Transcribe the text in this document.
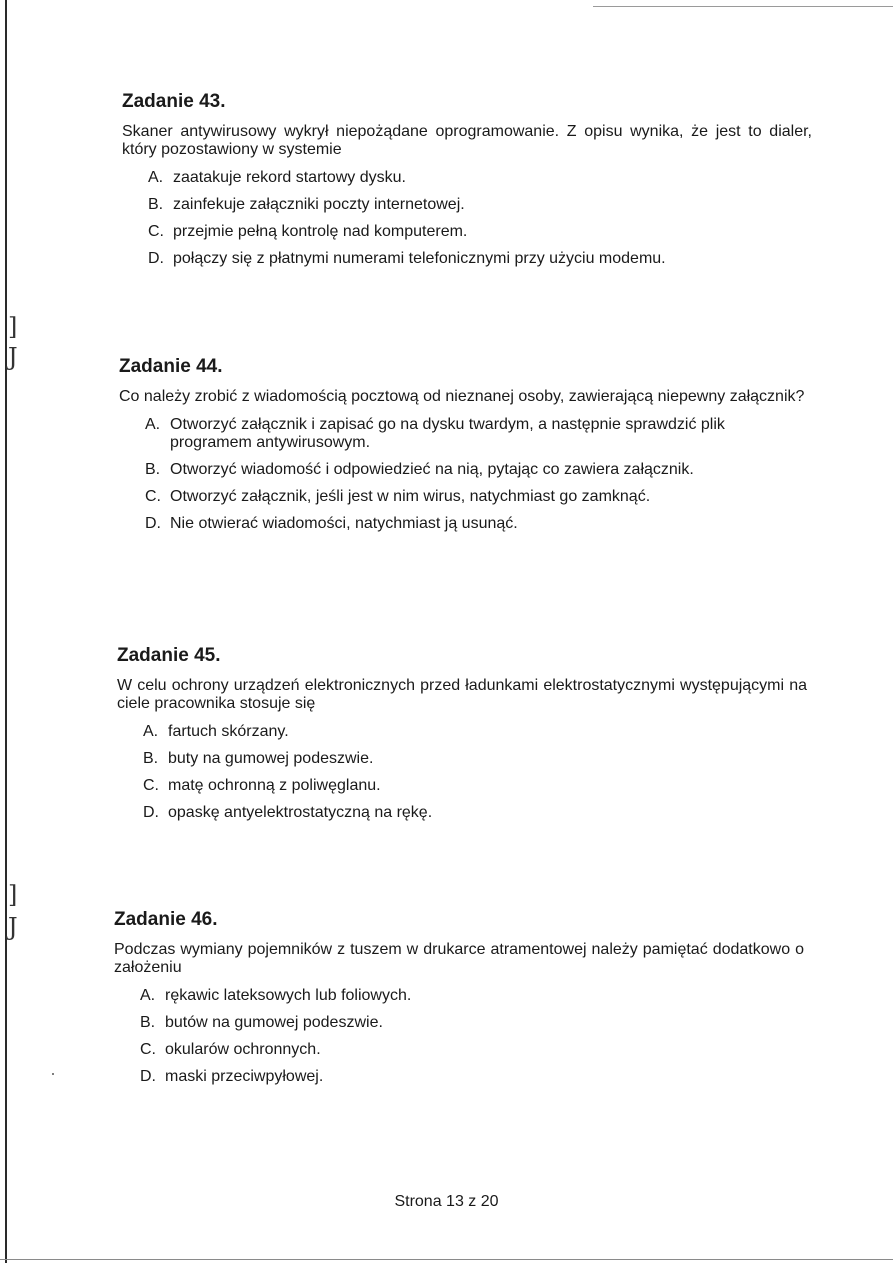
]
J
]
J
Zadanie 43.

Skaner antywirusowy wykrył niepożądane oprogramowanie. Z opisu wynika, że jest to dialer, który pozostawiony w systemie

A. zaatakuje rekord startowy dysku.
B. zainfekuje załączniki poczty internetowej.
C. przejmie pełną kontrolę nad komputerem.
D. połączy się z płatnymi numerami telefonicznymi przy użyciu modemu.
Zadanie 44.

Co należy zrobić z wiadomością pocztową od nieznanej osoby, zawierającą niepewny załącznik?

A. Otworzyć załącznik i zapisać go na dysku twardym, a następnie sprawdzić plik programem antywirusowym.
B. Otworzyć wiadomość i odpowiedzieć na nią, pytając co zawiera załącznik.
C. Otworzyć załącznik, jeśli jest w nim wirus, natychmiast go zamknąć.
D. Nie otwierać wiadomości, natychmiast ją usunąć.
Zadanie 45.

W celu ochrony urządzeń elektronicznych przed ładunkami elektrostatycznymi występującymi na ciele pracownika stosuje się

A. fartuch skórzany.
B. buty na gumowej podeszwie.
C. matę ochronną z poliwęglanu.
D. opaskę antyelektrostatyczną na rękę.
Zadanie 46.

Podczas wymiany pojemników z tuszem w drukarce atramentowej należy pamiętać dodatkowo o założeniu

A. rękawic lateksowych lub foliowych.
B. butów na gumowej podeszwie.
C. okularów ochronnych.
D. maski przeciwpyłowej.
Strona 13 z 20
